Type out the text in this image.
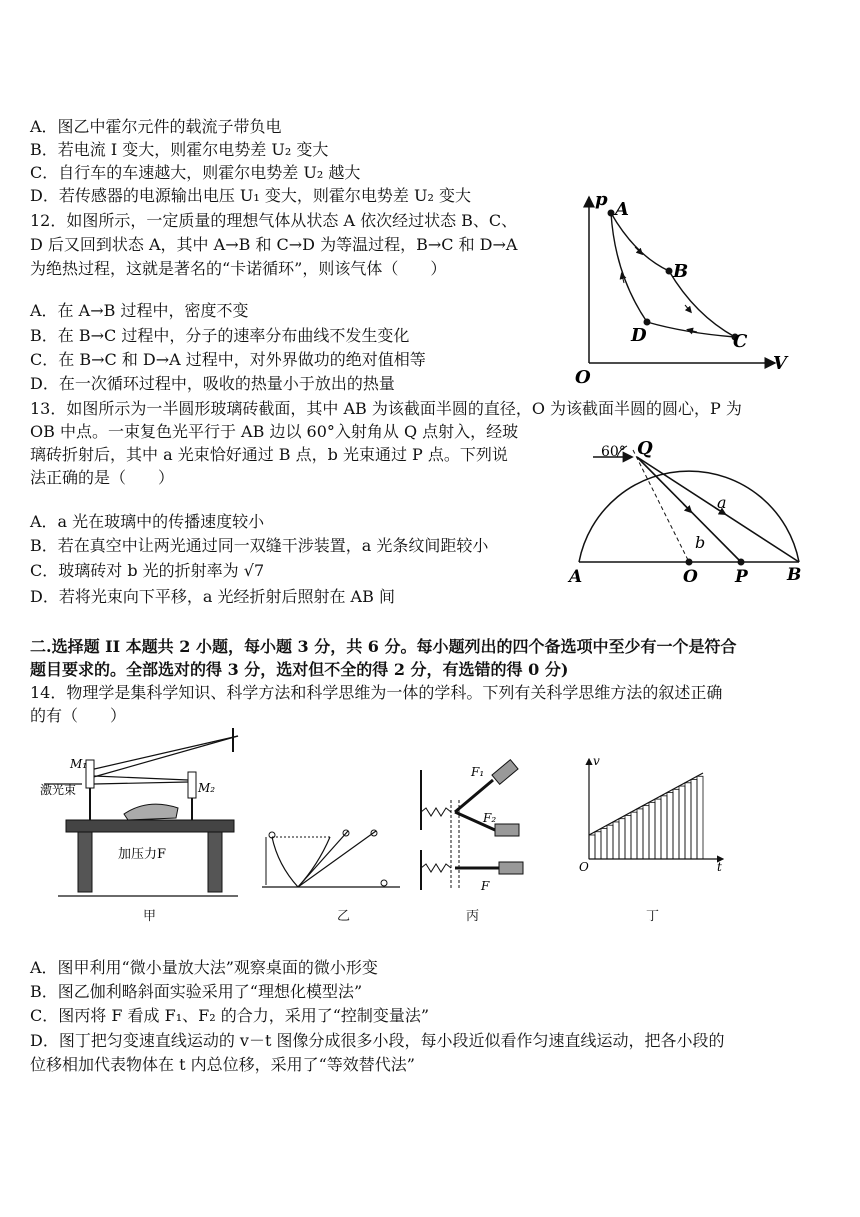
A．图乙中霍尔元件的载流子带负电
B．若电流 I 变大，则霍尔电势差 U₂ 变大
C．自行车的车速越大，则霍尔电势差 U₂ 越大
D．若传感器的电源输出电压 U₁ 变大，则霍尔电势差 U₂ 变大
12．如图所示，一定质量的理想气体从状态 A 依次经过状态 B、C、
D 后又回到状态 A，其中 A→B 和 C→D 为等温过程，B→C 和 D→A
为绝热过程，这就是著名的“卡诺循环”，则该气体（　　）
A．在 A→B 过程中，密度不变
B．在 B→C 过程中，分子的速率分布曲线不发生变化
C．在 B→C 和 D→A 过程中，对外界做功的绝对值相等
D．在一次循环过程中，吸收的热量小于放出的热量
p
V
O
A
B
C
D
13．如图所示为一半圆形玻璃砖截面，其中 AB 为该截面半圆的直径，O 为该截面半圆的圆心，P 为
OB 中点。一束复色光平行于 AB 边以 60°入射角从 Q 点射入，经玻
璃砖折射后，其中 a 光束恰好通过 B 点，b 光束通过 P 点。下列说
法正确的是（　　）
A．a 光在玻璃中的传播速度较小
B．若在真空中让两光通过同一双缝干涉装置，a 光条纹间距较小
C．玻璃砖对 b 光的折射率为 √7
D．若将光束向下平移，a 光经折射后照射在 AB 间
60° Q
a
b
A	O P B
二.选择题 II 本题共 2 小题，每小题 3 分，共 6 分。每小题列出的四个备选项中至少有一个是符合
题目要求的。全部选对的得 3 分，选对但不全的得 2 分，有选错的得 0 分)
14．物理学是集科学知识、科学方法和科学思维为一体的学科。下列有关科学思维方法的叙述正确
的有（　　）
M₁
M₂
激光束
加压力F
甲	乙
F₁
F₂
F
丙
v
t
O
丁
A．图甲利用“微小量放大法”观察桌面的微小形变
B．图乙伽利略斜面实验采用了“理想化模型法”
C．图丙将 F 看成 F₁、F₂ 的合力，采用了“控制变量法”
D．图丁把匀变速直线运动的 v－t 图像分成很多小段，每小段近似看作匀速直线运动，把各小段的
位移相加代表物体在 t 内总位移，采用了“等效替代法”
